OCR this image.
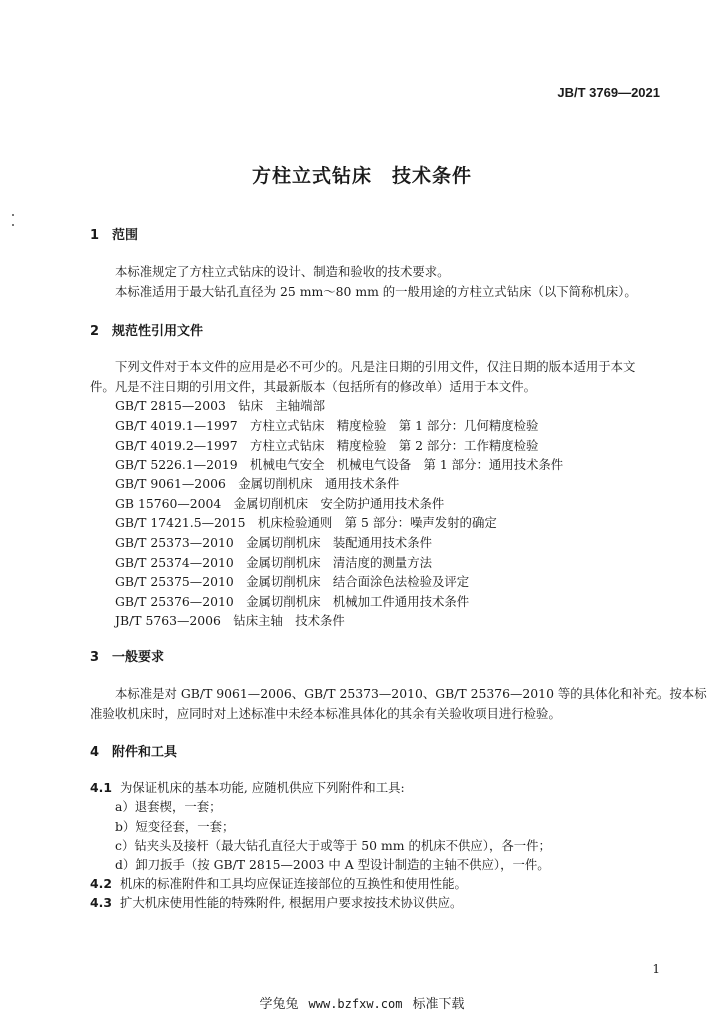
JB/T 3769—2021
方柱立式钻床　技术条件
1 范围
本标准规定了方柱立式钻床的设计、制造和验收的技术要求。
本标准适用于最大钻孔直径为 25 mm～80 mm 的一般用途的方柱立式钻床（以下简称机床）。
2 规范性引用文件
下列文件对于本文件的应用是必不可少的。凡是注日期的引用文件，仅注日期的版本适用于本文
件。凡是不注日期的引用文件，其最新版本（包括所有的修改单）适用于本文件。
GB/T 2815—2003　钻床　主轴端部
GB/T 4019.1—1997　方柱立式钻床　精度检验　第 1 部分：几何精度检验
GB/T 4019.2—1997　方柱立式钻床　精度检验　第 2 部分：工作精度检验
GB/T 5226.1—2019　机械电气安全　机械电气设备　第 1 部分：通用技术条件
GB/T 9061—2006　金属切削机床　通用技术条件
GB 15760—2004　金属切削机床　安全防护通用技术条件
GB/T 17421.5—2015　机床检验通则　第 5 部分：噪声发射的确定
GB/T 25373—2010　金属切削机床　装配通用技术条件
GB/T 25374—2010　金属切削机床　清洁度的测量方法
GB/T 25375—2010　金属切削机床　结合面涂色法检验及评定
GB/T 25376—2010　金属切削机床　机械加工件通用技术条件
JB/T 5763—2006　钻床主轴　技术条件
3 一般要求
本标准是对 GB/T 9061—2006、GB/T 25373—2010、GB/T 25376—2010 等的具体化和补充。按本标
准验收机床时，应同时对上述标准中未经本标准具体化的其余有关验收项目进行检验。
4 附件和工具
4.1 为保证机床的基本功能, 应随机供应下列附件和工具:
a）退套楔，一套；
b）短变径套，一套；
c）钻夹头及接杆（最大钻孔直径大于或等于 50 mm 的机床不供应），各一件；
d）卸刀扳手（按 GB/T 2815—2003 中 A 型设计制造的主轴不供应），一件。
4.2 机床的标准附件和工具均应保证连接部位的互换性和使用性能。
4.3 扩大机床使用性能的特殊附件, 根据用户要求按技术协议供应。
1
学兔兔 www.bzfxw.com 标准下载
